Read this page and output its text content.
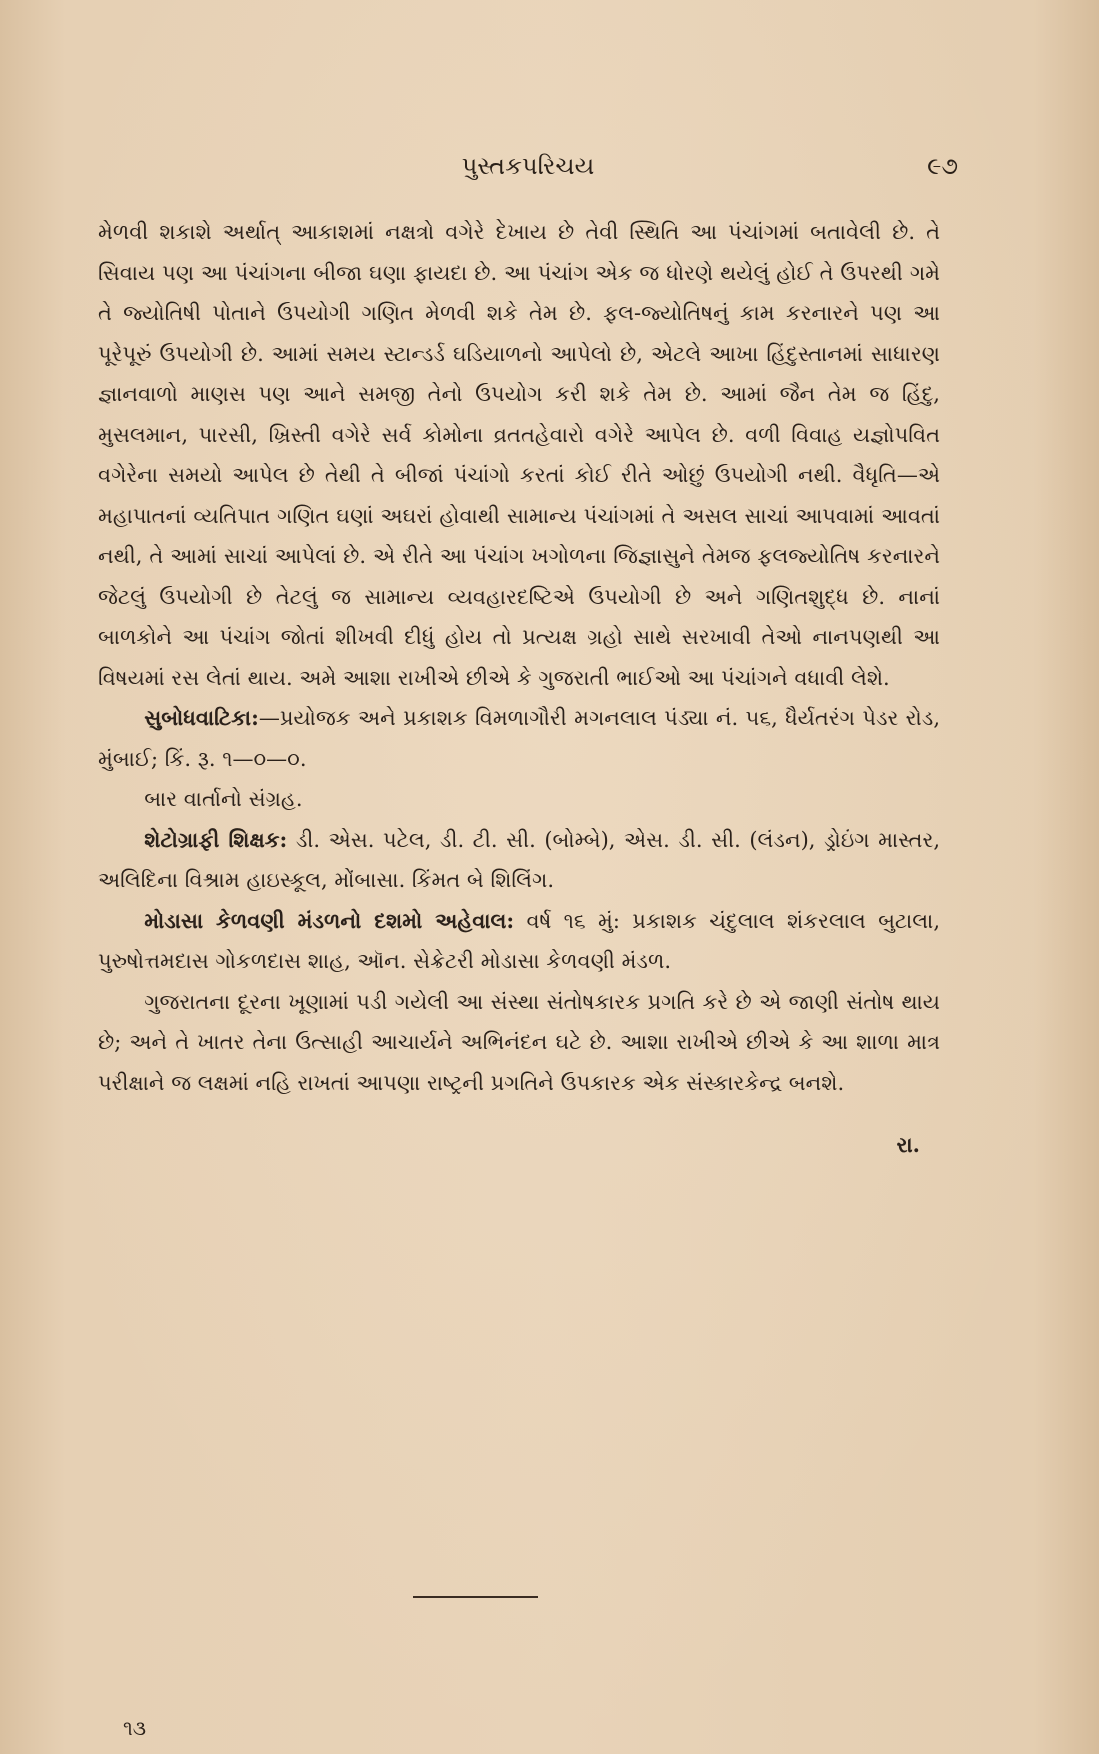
પુસ્તકપરિચય	૯૭

મેળવી શકાશે અર્થાત્ આકાશમાં નક્ષત્રો વગેરે દેખાય છે તેવી સ્થિતિ આ પંચાંગમાં બતાવેલી છે. તે સિવાય પણ આ પંચાંગના બીજા ઘણા ફાયદા છે. આ પંચાંગ એક જ ધોરણે થયેલું હોઈ તે ઉપરથી ગમે તે જ્યોતિષી પોતાને ઉપયોગી ગણિત મેળવી શકે તેમ છે. ફલ-જ્યોતિષનું કામ કરનારને પણ આ પૂરેપૂરું ઉપયોગી છે. આમાં સમય સ્ટાન્ડર્ડ ઘડિયાળનો આપેલો છે, એટલે આખા હિંદુસ્તાનમાં સાધારણ જ્ઞાનવાળો માણસ પણ આને સમજી તેનો ઉપયોગ કરી શકે તેમ છે. આમાં જૈન તેમ જ હિંદુ, મુસલમાન, પારસી, ખ્રિસ્તી વગેરે સર્વ કોમોના વ્રતતહેવારો વગેરે આપેલ છે. વળી વિવાહ યજ્ઞોપવિત વગેરેના સમયો આપેલ છે તેથી તે બીજાં પંચાંગો કરતાં કોઈ રીતે ઓછું ઉપયોગી નથી. વૈધૃતિ—એ મહાપાતનાં વ્યતિપાત ગણિત ઘણાં અઘરાં હોવાથી સામાન્ય પંચાંગમાં તે અસલ સાચાં આપવામાં આવતાં નથી, તે આમાં સાચાં આપેલાં છે. એ રીતે આ પંચાંગ ખગોળના જિજ્ઞાસુને તેમજ ફલજ્યોતિષ કરનારને જેટલું ઉપયોગી છે તેટલું જ સામાન્ય વ્યવહારદષ્ટિએ ઉપયોગી છે અને ગણિતશુદ્ધ છે. નાનાં બાળકોને આ પંચાંગ જોતાં શીખવી દીધું હોય તો પ્રત્યક્ષ ગ્રહો સાથે સરખાવી તેઓ નાનપણથી આ વિષયમાં રસ લેતાં થાય. અમે આશા રાખીએ છીએ કે ગુજરાતી ભાઈઓ આ પંચાંગને વધાવી લેશે.

સુબોધવાટિકા:—પ્રયોજક અને પ્રકાશક વિમળાગૌરી મગનલાલ પંડ્યા નં. ૫૬, ધૈર્યતરંગ પેડર રોડ, મુંબાઈ; કિં. રૂ. ૧—૦—૦.

બાર વાર્તાનો સંગ્રહ.

શેટોગ્રાફી શિક્ષક: ડી. એસ. પટેલ, ડી. ટી. સી. (બોમ્બે), એસ. ડી. સી. (લંડન), ડ્રોઇંગ માસ્તર, અલિદિના વિશ્રામ હાઇસ્કૂલ, મોંબાસા. કિંમત બે શિલિંગ.

મોડાસા કેળવણી મંડળનો દશમો અહેવાલ: વર્ષ ૧૬ મું: પ્રકાશક ચંદુલાલ શંકરલાલ બુટાલા, પુરુષોત્તમદાસ ગોકળદાસ શાહ, ઑન. સેક્રેટરી મોડાસા કેળવણી મંડળ.

ગુજરાતના દૂરના ખૂણામાં પડી ગયેલી આ સંસ્થા સંતોષકારક પ્રગતિ કરે છે એ જાણી સંતોષ થાય છે; અને તે ખાતર તેના ઉત્સાહી આચાર્યને અભિનંદન ઘટે છે. આશા રાખીએ છીએ કે આ શાળા માત્ર પરીક્ષાને જ લક્ષમાં નહિ રાખતાં આપણા રાષ્ટ્રની પ્રગતિને ઉપકારક એક સંસ્કારકેન્દ્ર બનશે.

રા.

૧૩
